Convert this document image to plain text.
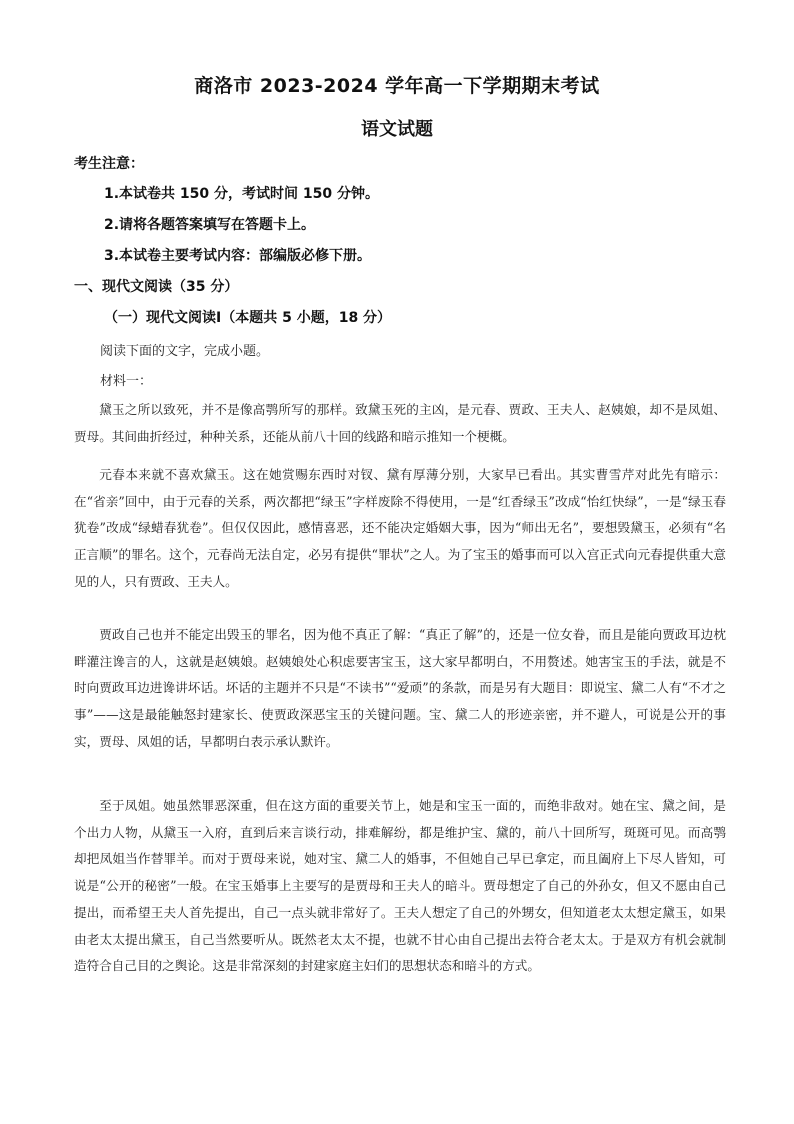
商洛市 2023-2024 学年高一下学期期末考试
语文试题
考生注意：
1.本试卷共 150 分，考试时间 150 分钟。
2.请将各题答案填写在答题卡上。
3.本试卷主要考试内容：部编版必修下册。
一、现代文阅读（35 分）
（一）现代文阅读Ⅰ（本题共 5 小题，18 分）
阅读下面的文字，完成小题。
材料一：

黛玉之所以致死，并不是像高鹗所写的那样。致黛玉死的主凶，是元春、贾政、王夫人、赵姨娘，却不是凤姐、贾母。其间曲折经过，种种关系，还能从前八十回的线路和暗示推知一个梗概。

元春本来就不喜欢黛玉。这在她赏赐东西时对钗、黛有厚薄分别，大家早已看出。其实曹雪芹对此先有暗示：在“省亲”回中，由于元春的关系，两次都把“绿玉”字样废除不得使用，一是“红香绿玉”改成“怡红快绿”，一是“绿玉春犹卷”改成“绿蜡春犹卷”。但仅仅因此，感情喜恶，还不能决定婚姻大事，因为“师出无名”，要想毁黛玉，必须有“名正言顺”的罪名。这个，元春尚无法自定，必另有提供“罪状”之人。为了宝玉的婚事而可以入宫正式向元春提供重大意见的人，只有贾政、王夫人。

贾政自己也并不能定出毁玉的罪名，因为他不真正了解：“真正了解”的，还是一位女眷，而且是能向贾政耳边枕畔灌注谗言的人，这就是赵姨娘。赵姨娘处心积虑要害宝玉，这大家早都明白，不用赘述。她害宝玉的手法，就是不时向贾政耳边进谗讲坏话。坏话的主题并不只是“不读书”“爱顽”的条款，而是另有大题目：即说宝、黛二人有“不才之事”——这是最能触怒封建家长、使贾政深恶宝玉的关键问题。宝、黛二人的形迹亲密，并不避人，可说是公开的事实，贾母、凤姐的话，早都明白表示承认默许。

至于凤姐。她虽然罪恶深重，但在这方面的重要关节上，她是和宝玉一面的，而绝非敌对。她在宝、黛之间，是个出力人物，从黛玉一入府，直到后来言谈行动，排难解纷，都是维护宝、黛的，前八十回所写，斑斑可见。而高鹗却把凤姐当作替罪羊。而对于贾母来说，她对宝、黛二人的婚事，不但她自己早已拿定，而且阖府上下尽人皆知，可说是“公开的秘密”一般。在宝玉婚事上主要写的是贾母和王夫人的暗斗。贾母想定了自己的外孙女，但又不愿由自己提出，而希望王夫人首先提出，自己一点头就非常好了。王夫人想定了自己的外甥女，但知道老太太想定黛玉，如果由老太太提出黛玉，自己当然要听从。既然老太太不提，也就不甘心由自己提出去符合老太太。于是双方有机会就制造符合自己目的之舆论。这是非常深刻的封建家庭主妇们的思想状态和暗斗的方式。
